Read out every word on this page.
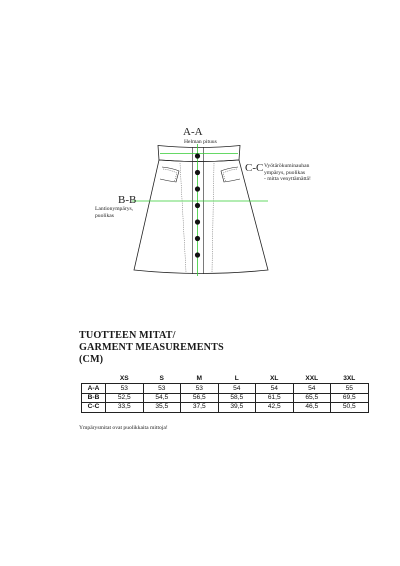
A-A
Helman pituus
C-C Vyötärökuminauhan
ympärys, puolikas
- mitta venyttämättä!
B-B
Lantionympärys,
puolikas
TUOTTEEN MITAT/
GARMENT MEASUREMENTS
(CM)
	XS	S	M	L	XL	XXL	3XL
A-A	53	53	53	54	54	54	55
B-B	52,5	54,5	56,5	58,5	61,5	65,5	69,5
C-C	33,5	35,5	37,5	39,5	42,5	46,5	50,5
Ympärysmitat ovat puolikkaita mittoja!
